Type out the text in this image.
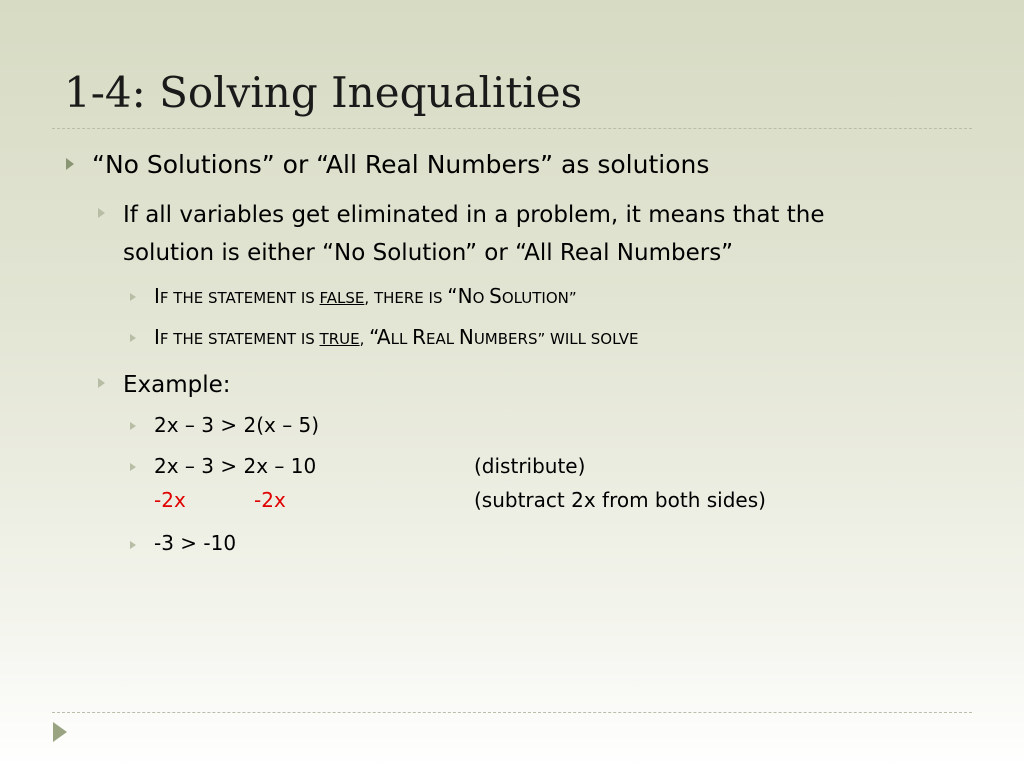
1-4: Solving Inequalities
“No Solutions” or “All Real Numbers” as solutions
If all variables get eliminated in a problem, it means that the
solution is either “No Solution” or “All Real Numbers”
IF THE STATEMENT IS FALSE, THERE IS “NO SOLUTION”
IF THE STATEMENT IS TRUE, “ALL REAL NUMBERS” WILL SOLVE
Example:
2x – 3 > 2(x – 5)
2x – 3 > 2x – 10	(distribute)
-2x	-2x	(subtract 2x from both sides)
-3 > -10
